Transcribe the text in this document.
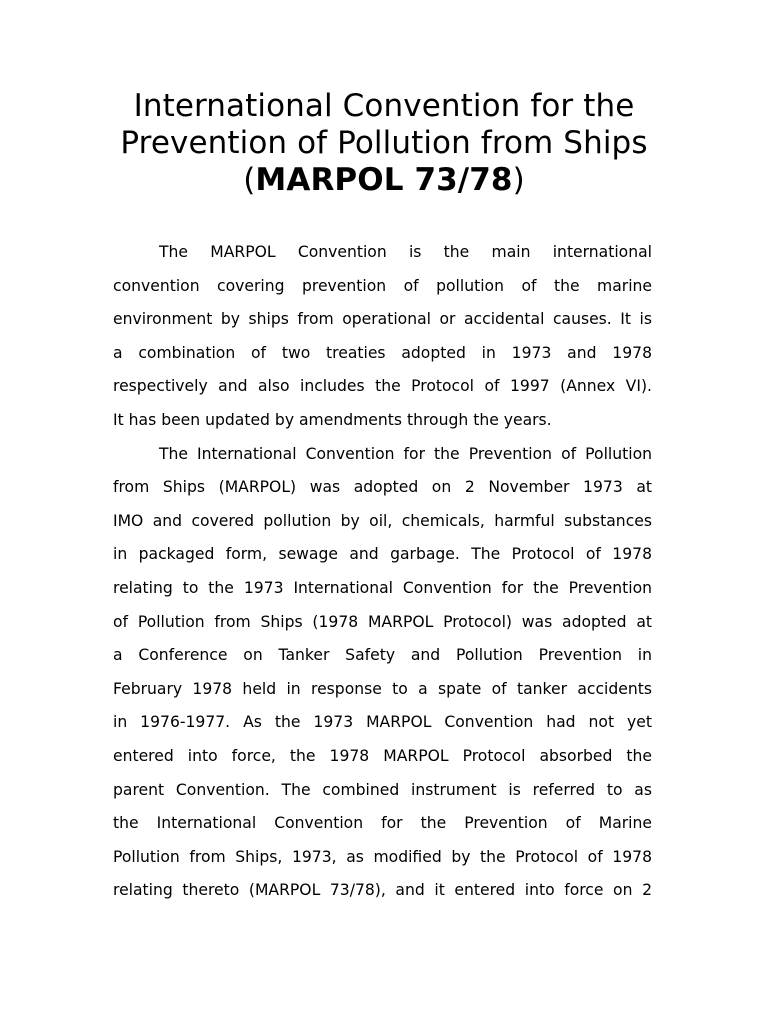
International Convention for the
Prevention of Pollution from Ships
(MARPOL 73/78)
The MARPOL Convention is the main international
convention covering prevention of pollution of the marine
environment by ships from operational or accidental causes. It is
a combination of two treaties adopted in 1973 and 1978
respectively and also includes the Protocol of 1997 (Annex VI).
It has been updated by amendments through the years.
The International Convention for the Prevention of Pollution
from Ships (MARPOL) was adopted on 2 November 1973 at
IMO and covered pollution by oil, chemicals, harmful substances
in packaged form, sewage and garbage. The Protocol of 1978
relating to the 1973 International Convention for the Prevention
of Pollution from Ships (1978 MARPOL Protocol) was adopted at
a Conference on Tanker Safety and Pollution Prevention in
February 1978 held in response to a spate of tanker accidents
in 1976-1977. As the 1973 MARPOL Convention had not yet
entered into force, the 1978 MARPOL Protocol absorbed the
parent Convention. The combined instrument is referred to as
the International Convention for the Prevention of Marine
Pollution from Ships, 1973, as modified by the Protocol of 1978
relating thereto (MARPOL 73/78), and it entered into force on 2
